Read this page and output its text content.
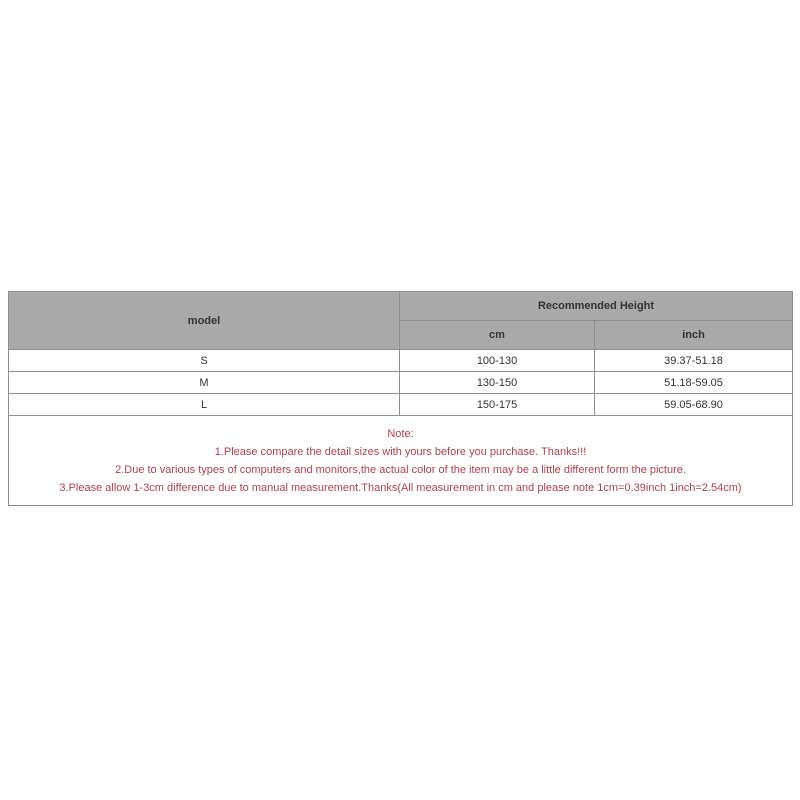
model	Recommended Height	
	cm	inch
S	100-130	39.37-51.18
M	130-150	51.18-59.05
L	150-175	59.05-68.90

Note:
1.Please compare the detail sizes with yours before you purchase. Thanks!!!
2.Due to various types of computers and monitors,the actual color of the item may be a little different form the picture.
3.Please allow 1-3cm difference due to manual measurement.Thanks(All measurement in cm and please note 1cm=0.39inch 1inch=2.54cm)		
